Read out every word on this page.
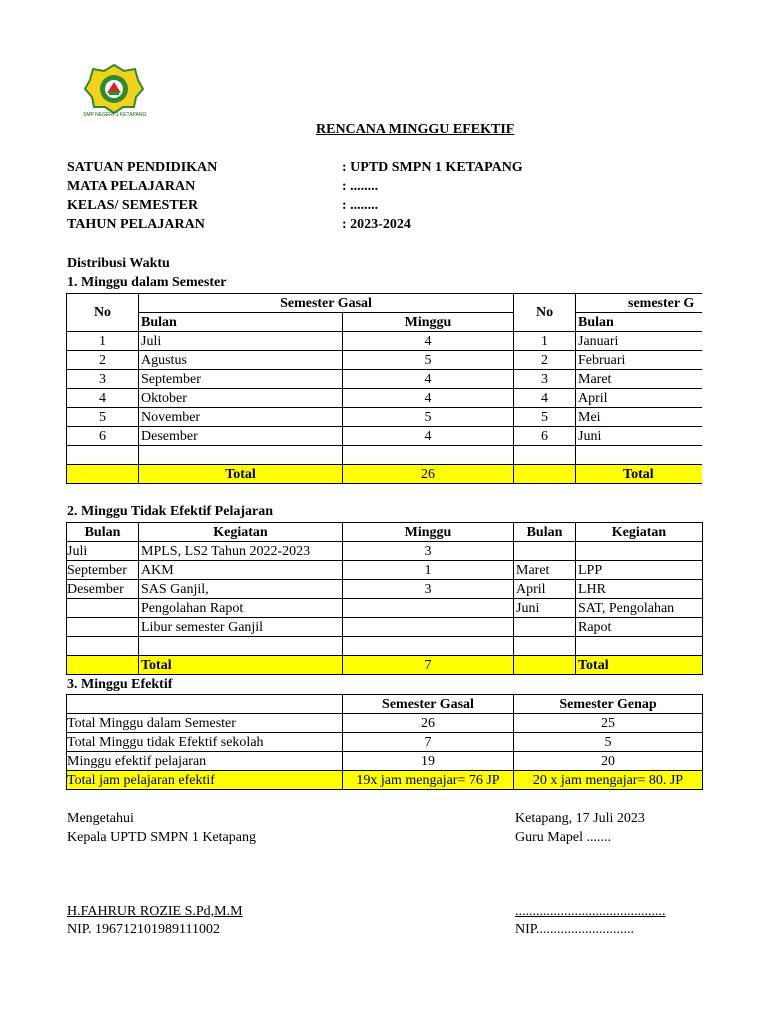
SMP NEGERI 1 KETAPANG
RENCANA MINGGU EFEKTIF
SATUAN PENDIDIKAN	: UPTD SMPN 1 KETAPANG
MATA PELAJARAN	: ........
KELAS/ SEMESTER	: ........
TAHUN PELAJARAN	: 2023-2024
Distribusi Waktu
1. Minggu dalam Semester
No	Semester Gasal		No	semester G
	Bulan	Minggu		Bulan
1	Juli	4	1	Januari
2	Agustus	5	2	Februari
3	September	4	3	Maret
4	Oktober	4	4	April
5	November	5	5	Mei
6	Desember	4	6	Juni

	Total	26		Total
2. Minggu Tidak Efektif Pelajaran
Bulan	Kegiatan	Minggu	Bulan	Kegiatan
Juli	MPLS, LS2 Tahun 2022-2023	3		
September	AKM	1	Maret	LPP
Desember	SAS Ganjil,	3	April	LHR
	Pengolahan Rapot		Juni	SAT, Pengolahan
	Libur semester Ganjil			Rapot

	Total	7		Total
3. Minggu Efektif
	Semester Gasal	Semester Genap
Total Minggu dalam Semester	26	25
Total Minggu tidak Efektif sekolah	7	5
Minggu efektif pelajaran	19	20
Total jam pelajaran efektif	19x jam mengajar= 76 JP	20 x jam mengajar= 80. JP
Mengetahui
Kepala UPTD SMPN 1 Ketapang
H.FAHRUR ROZIE S.Pd,M.M
NIP. 196712101989111002
Ketapang, 17 Juli 2023
Guru Mapel .......
...........................................
NIP............................
